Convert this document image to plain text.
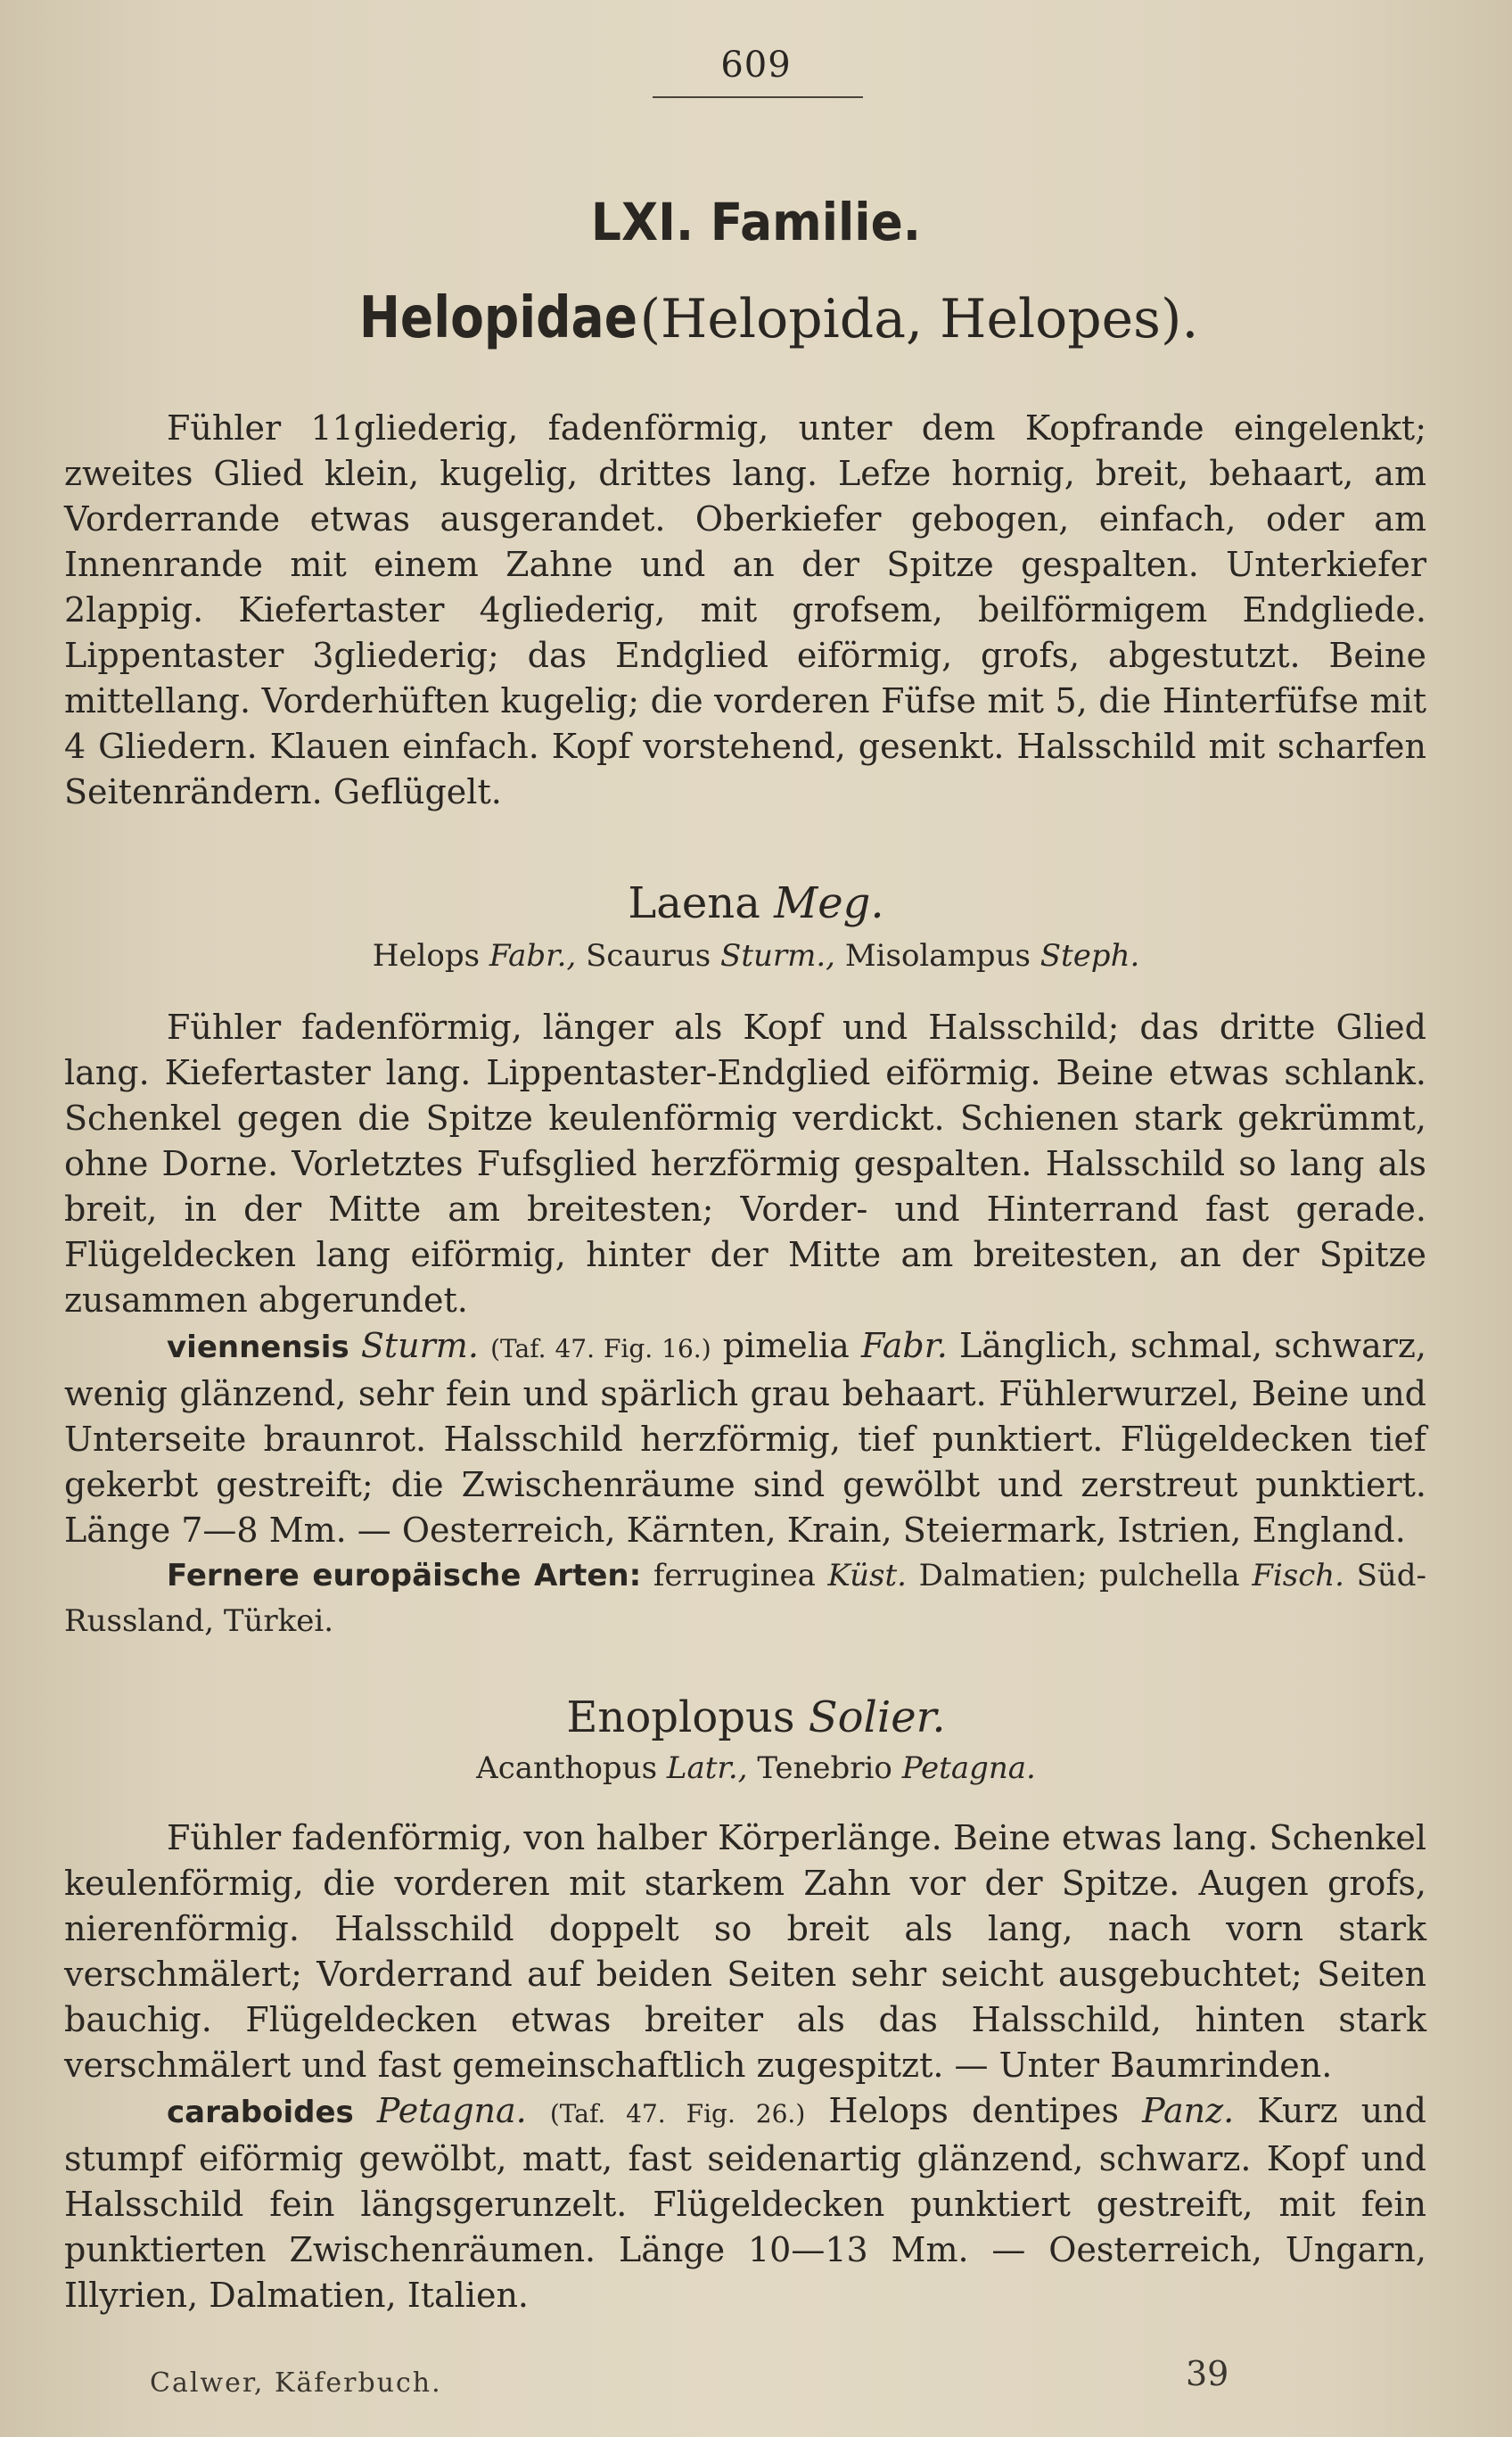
609
LXI. Familie.
Helopidae (Helopida, Helopes).

Fühler 11gliederig, fadenförmig, unter dem Kopfrande eingelenkt; zweites Glied klein, kugelig, drittes lang. Lefze hornig, breit, behaart, am Vorderrande etwas ausgerandet. Oberkiefer gebogen, einfach, oder am Innenrande mit einem Zahne und an der Spitze gespalten. Unterkiefer 2lappig. Kiefertaster 4gliederig, mit grofsem, beilförmigem Endgliede. Lippentaster 3gliederig; das Endglied eiförmig, grofs, abgestutzt. Beine mittellang. Vorderhüften kugelig; die vorderen Füfse mit 5, die Hinterfüfse mit 4 Gliedern. Klauen einfach. Kopf vorstehend, gesenkt. Halsschild mit scharfen Seitenrändern. Geflügelt.

Laena Meg.
Helops Fabr., Scaurus Sturm., Misolampus Steph.

Fühler fadenförmig, länger als Kopf und Halsschild; das dritte Glied lang. Kiefertaster lang. Lippentaster-Endglied eiförmig. Beine etwas schlank. Schenkel gegen die Spitze keulenförmig verdickt. Schienen stark gekrümmt, ohne Dorne. Vorletztes Fufsglied herzförmig gespalten. Halsschild so lang als breit, in der Mitte am breitesten; Vorder- und Hinterrand fast gerade. Flügeldecken lang eiförmig, hinter der Mitte am breitesten, an der Spitze zusammen abgerundet.

viennensis Sturm. (Taf. 47. Fig. 16.) pimelia Fabr. Länglich, schmal, schwarz, wenig glänzend, sehr fein und spärlich grau behaart. Fühlerwurzel, Beine und Unterseite braunrot. Halsschild herzförmig, tief punktiert. Flügeldecken tief gekerbt gestreift; die Zwischenräume sind gewölbt und zerstreut punktiert. Länge 7—8 Mm. — Oesterreich, Kärnten, Krain, Steiermark, Istrien, England.

Fernere europäische Arten: ferruginea Küst. Dalmatien; pulchella Fisch. Süd-Russland, Türkei.

Enoplopus Solier.
Acanthopus Latr., Tenebrio Petagna.

Fühler fadenförmig, von halber Körperlänge. Beine etwas lang. Schenkel keulenförmig, die vorderen mit starkem Zahn vor der Spitze. Augen grofs, nierenförmig. Halsschild doppelt so breit als lang, nach vorn stark verschmälert; Vorderrand auf beiden Seiten sehr seicht ausgebuchtet; Seiten bauchig. Flügeldecken etwas breiter als das Halsschild, hinten stark verschmälert und fast gemeinschaftlich zugespitzt. — Unter Baumrinden.

caraboides Petagna. (Taf. 47. Fig. 26.) Helops dentipes Panz. Kurz und stumpf eiförmig gewölbt, matt, fast seidenartig glänzend, schwarz. Kopf und Halsschild fein längsgerunzelt. Flügeldecken punktiert gestreift, mit fein punktierten Zwischenräumen. Länge 10—13 Mm. — Oesterreich, Ungarn, Illyrien, Dalmatien, Italien.

Calwer, Käferbuch.	39
